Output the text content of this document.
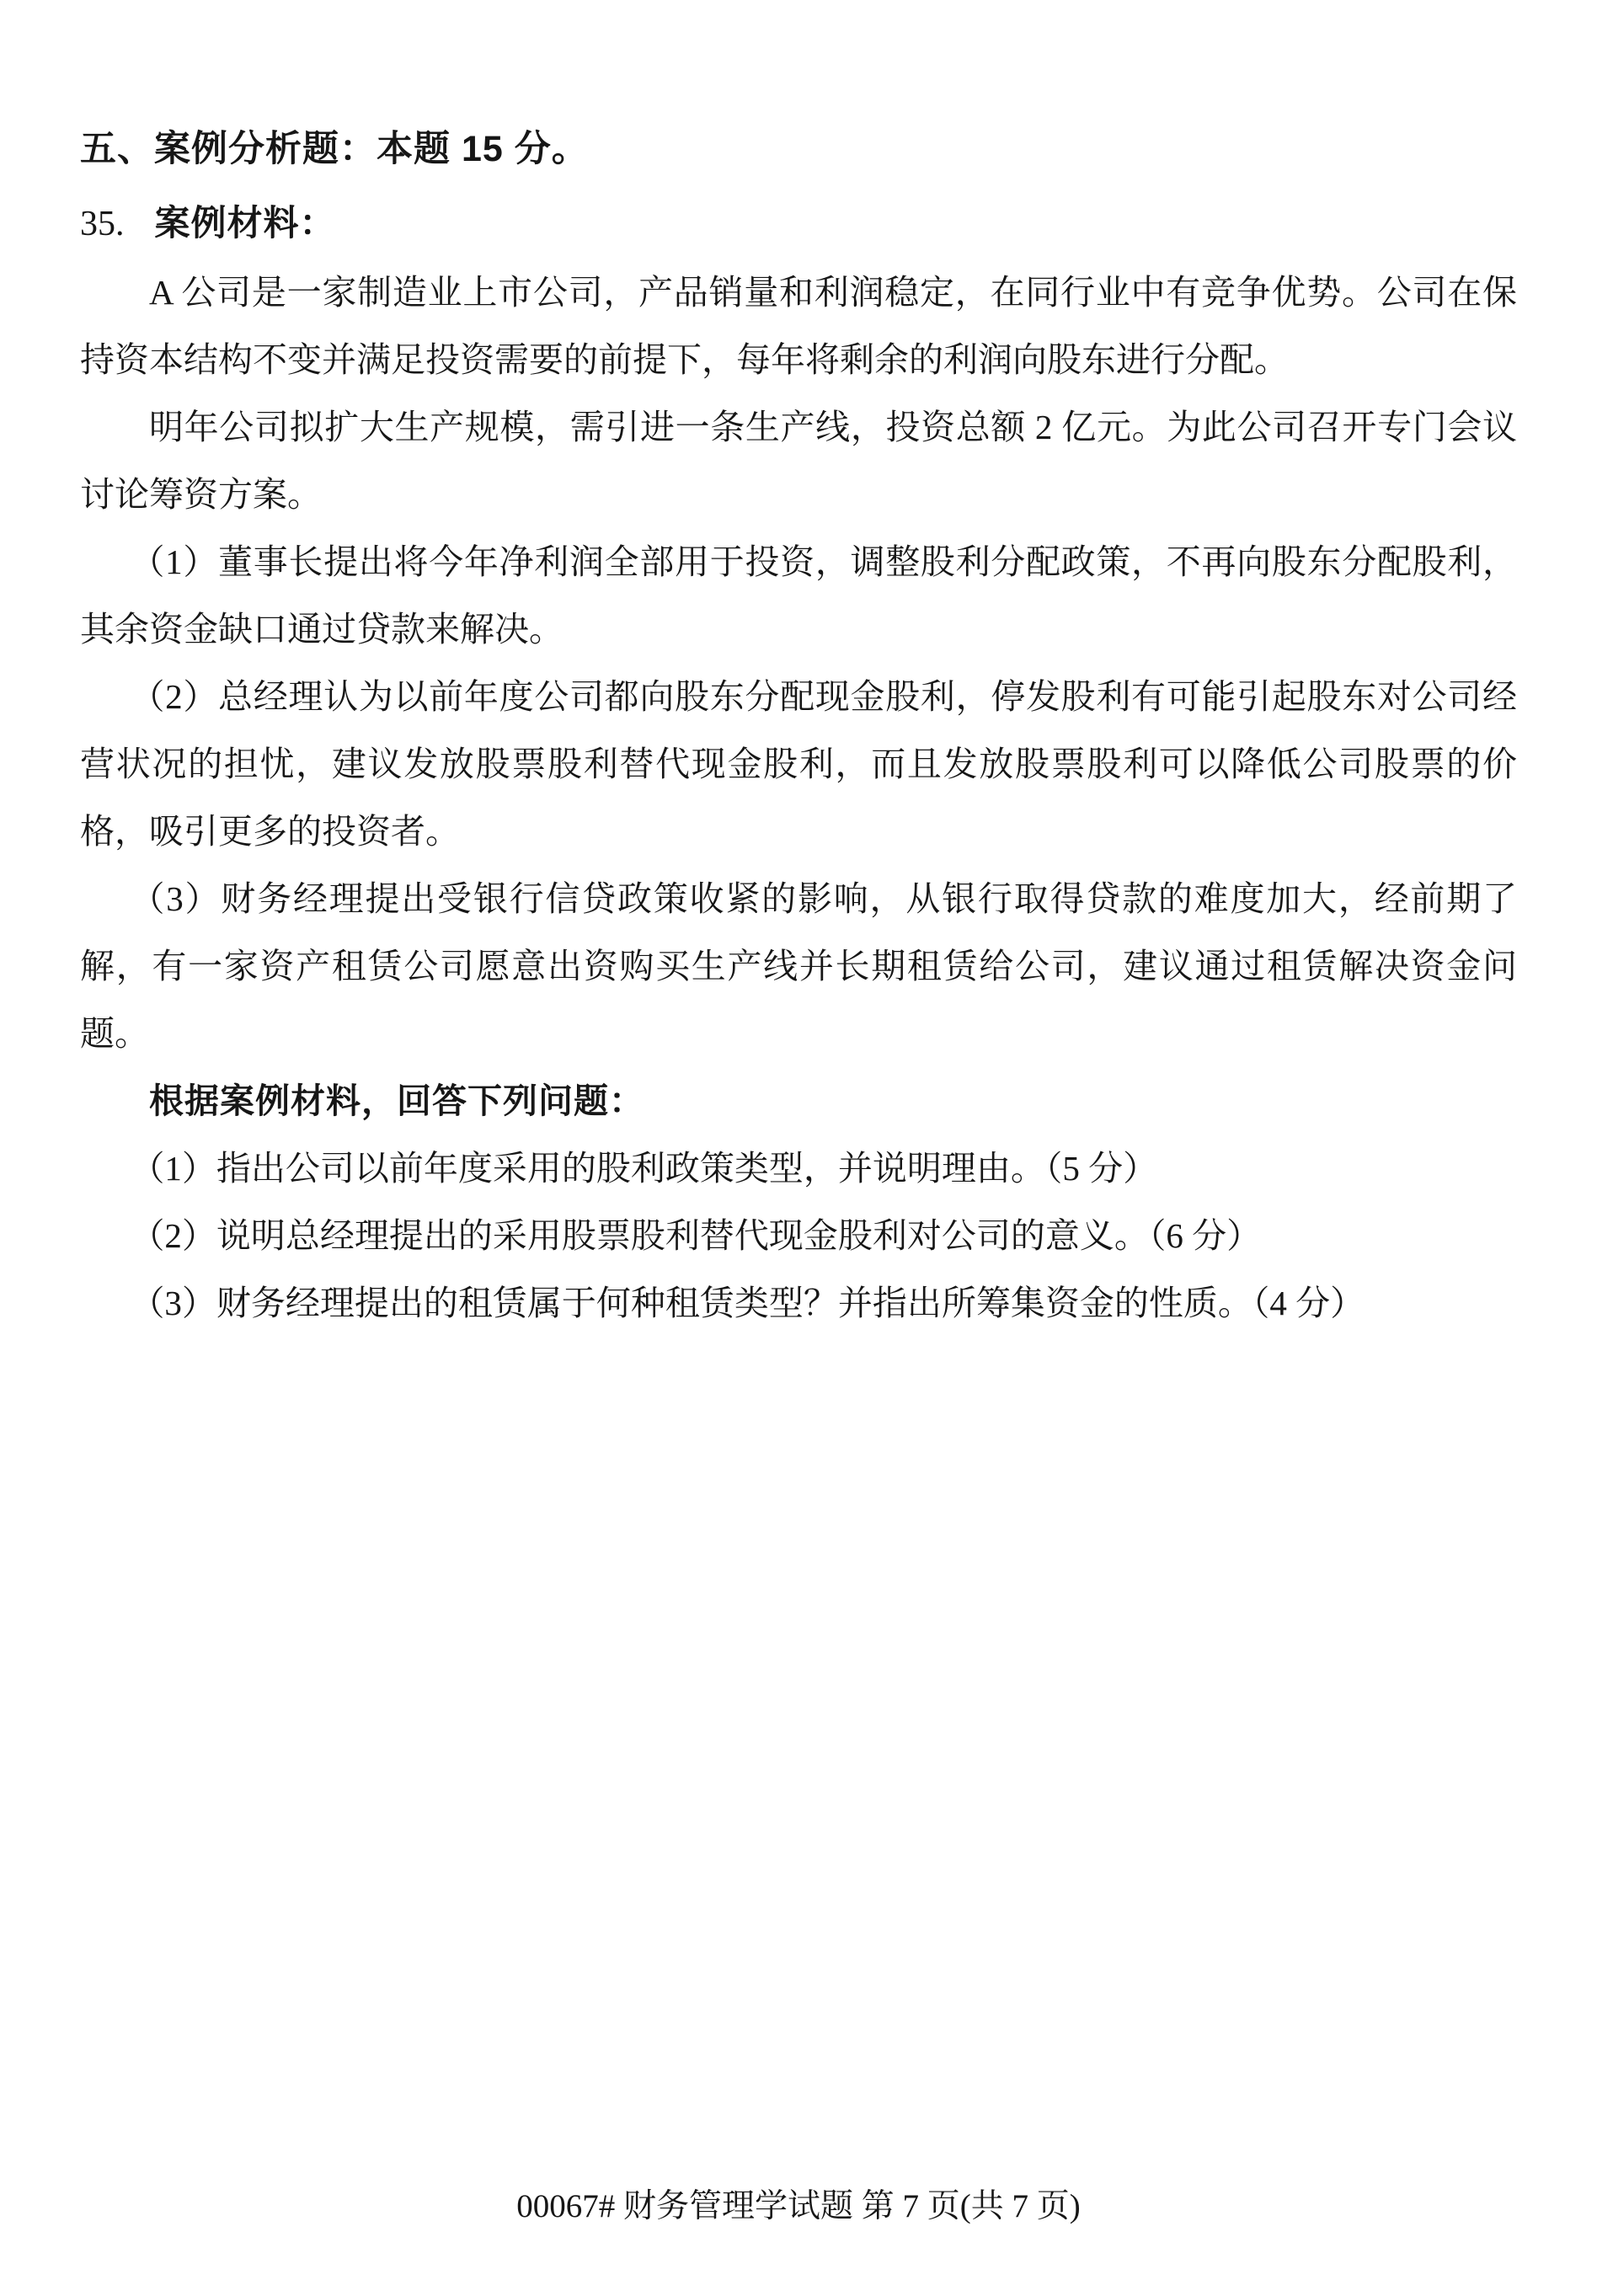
五、案例分析题：本题 15 分。
35. 案例材料：

A 公司是一家制造业上市公司，产品销量和利润稳定，在同行业中有竞争优势。公司在保持资本结构不变并满足投资需要的前提下，每年将剩余的利润向股东进行分配。

明年公司拟扩大生产规模，需引进一条生产线，投资总额 2 亿元。为此公司召开专门会议讨论筹资方案。

（1）董事长提出将今年净利润全部用于投资，调整股利分配政策，不再向股东分配股利，其余资金缺口通过贷款来解决。

（2）总经理认为以前年度公司都向股东分配现金股利，停发股利有可能引起股东对公司经营状况的担忧，建议发放股票股利替代现金股利，而且发放股票股利可以降低公司股票的价格，吸引更多的投资者。

（3）财务经理提出受银行信贷政策收紧的影响，从银行取得贷款的难度加大，经前期了解，有一家资产租赁公司愿意出资购买生产线并长期租赁给公司，建议通过租赁解决资金问题。

根据案例材料，回答下列问题：

（1）指出公司以前年度采用的股利政策类型，并说明理由。（5 分）

（2）说明总经理提出的采用股票股利替代现金股利对公司的意义。（6 分）

（3）财务经理提出的租赁属于何种租赁类型？并指出所筹集资金的性质。（4 分）

00067# 财务管理学试题 第 7 页(共 7 页)
